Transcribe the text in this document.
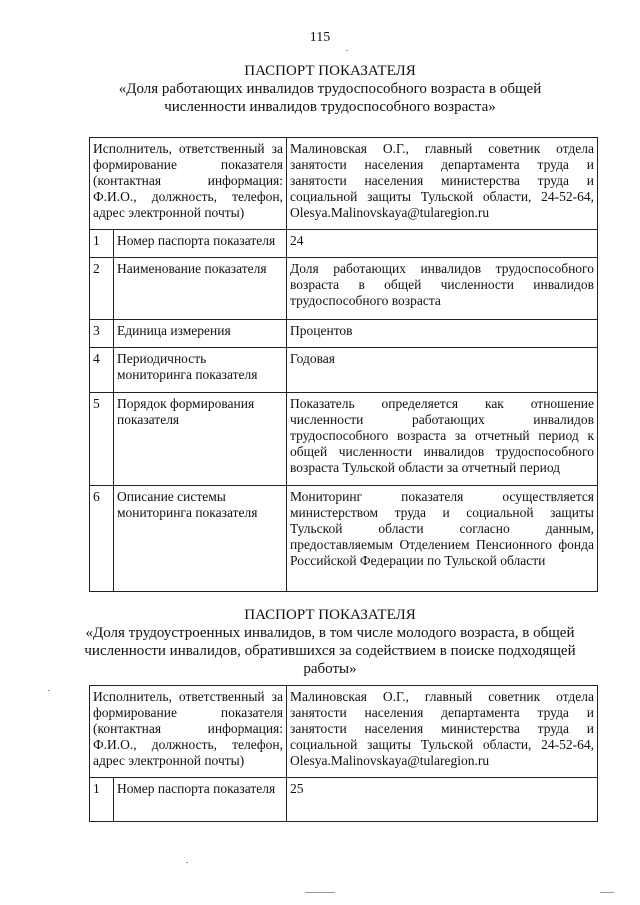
115
ПАСПОРТ ПОКАЗАТЕЛЯ
«Доля работающих инвалидов трудоспособного возраста в общей численности инвалидов трудоспособного возраста»
Исполнитель, ответственный за формирование показателя (контактная информация: Ф.И.О., должность, телефон, адрес электронной почты)		Малиновская О.Г., главный советник отдела занятости населения департамента труда и занятости населения министерства труда и социальной защиты Тульской области, 24-52-64, Olesya.Malinovskaya@tularegion.ru
1	Номер паспорта показателя	24
2	Наименование показателя	Доля работающих инвалидов трудоспособного возраста в общей численности инвалидов трудоспособного возраста
3	Единица измерения	Процентов
4	Периодичность мониторинга показателя	Годовая
5	Порядок формирования показателя	Показатель определяется как отношение численности работающих инвалидов трудоспособного возраста за отчетный период к общей численности инвалидов трудоспособного возраста Тульской области за отчетный период
6	Описание системы мониторинга показателя	Мониторинг показателя осуществляется министерством труда и социальной защиты Тульской области согласно данным, предоставляемым Отделением Пенсионного фонда Российской Федерации по Тульской области
ПАСПОРТ ПОКАЗАТЕЛЯ
«Доля трудоустроенных инвалидов, в том числе молодого возраста, в общей численности инвалидов, обратившихся за содействием в поиске подходящей работы»
Исполнитель, ответственный за формирование показателя (контактная информация: Ф.И.О., должность, телефон, адрес электронной почты)		Малиновская О.Г., главный советник отдела занятости населения департамента труда и занятости населения министерства труда и социальной защиты Тульской области, 24-52-64, Olesya.Malinovskaya@tularegion.ru
1	Номер паспорта показателя	25
